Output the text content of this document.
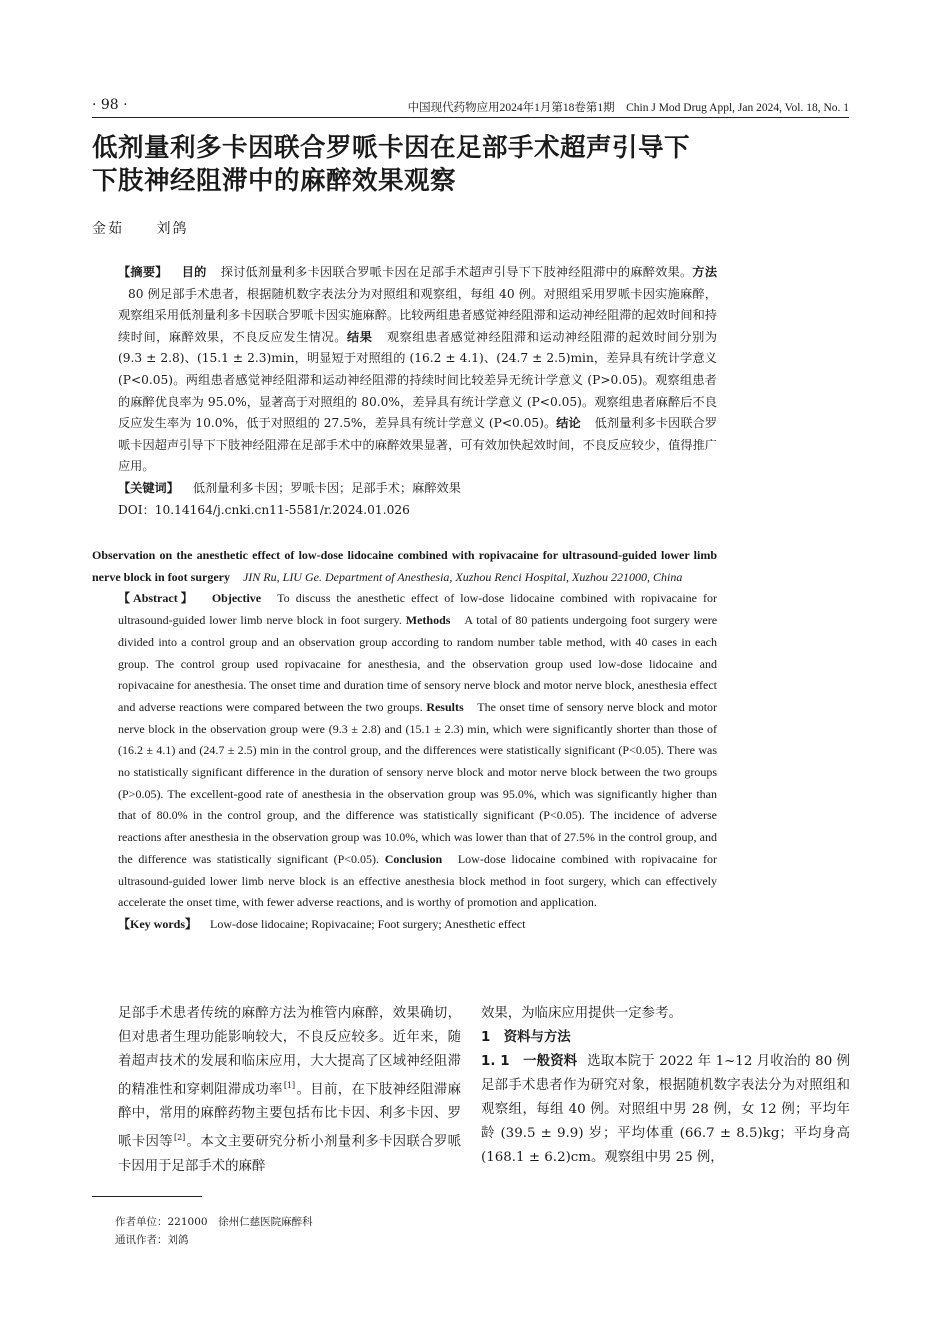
· 98 ·	中国现代药物应用2024年1月第18卷第1期　Chin J Mod Drug Appl, Jan 2024, Vol. 18, No. 1
低剂量利多卡因联合罗哌卡因在足部手术超声引导下
下肢神经阻滞中的麻醉效果观察
金茹 刘鸽

【摘要】 目的 探讨低剂量利多卡因联合罗哌卡因在足部手术超声引导下下肢神经阻滞中的麻醉效果。方法 80 例足部手术患者，根据随机数字表法分为对照组和观察组，每组 40 例。对照组采用罗哌卡因实施麻醉，观察组采用低剂量利多卡因联合罗哌卡因实施麻醉。比较两组患者感觉神经阻滞和运动神经阻滞的起效时间和持续时间，麻醉效果，不良反应发生情况。结果 观察组患者感觉神经阻滞和运动神经阻滞的起效时间分别为 (9.3 ± 2.8)、(15.1 ± 2.3)min，明显短于对照组的 (16.2 ± 4.1)、(24.7 ± 2.5)min，差异具有统计学意义 (P<0.05)。两组患者感觉神经阻滞和运动神经阻滞的持续时间比较差异无统计学意义 (P>0.05)。观察组患者的麻醉优良率为 95.0%，显著高于对照组的 80.0%，差异具有统计学意义 (P<0.05)。观察组患者麻醉后不良反应发生率为 10.0%，低于对照组的 27.5%，差异具有统计学意义 (P<0.05)。结论 低剂量利多卡因联合罗哌卡因超声引导下下肢神经阻滞在足部手术中的麻醉效果显著，可有效加快起效时间，不良反应较少，值得推广应用。

【关键词】 低剂量利多卡因；罗哌卡因；足部手术；麻醉效果

DOI：10.14164/j.cnki.cn11-5581/r.2024.01.026

Observation on the anesthetic effect of low-dose lidocaine combined with ropivacaine for ultrasound-guided lower limb nerve block in foot surgery JIN Ru, LIU Ge. Department of Anesthesia, Xuzhou Renci Hospital, Xuzhou 221000, China

【Abstract】 Objective To discuss the anesthetic effect of low-dose lidocaine combined with ropivacaine for ultrasound-guided lower limb nerve block in foot surgery. Methods A total of 80 patients undergoing foot surgery were divided into a control group and an observation group according to random number table method, with 40 cases in each group. The control group used ropivacaine for anesthesia, and the observation group used low-dose lidocaine and ropivacaine for anesthesia. The onset time and duration time of sensory nerve block and motor nerve block, anesthesia effect and adverse reactions were compared between the two groups. Results The onset time of sensory nerve block and motor nerve block in the observation group were (9.3 ± 2.8) and (15.1 ± 2.3) min, which were significantly shorter than those of (16.2 ± 4.1) and (24.7 ± 2.5) min in the control group, and the differences were statistically significant (P<0.05). There was no statistically significant difference in the duration of sensory nerve block and motor nerve block between the two groups (P>0.05). The excellent-good rate of anesthesia in the observation group was 95.0%, which was significantly higher than that of 80.0% in the control group, and the difference was statistically significant (P<0.05). The incidence of adverse reactions after anesthesia in the observation group was 10.0%, which was lower than that of 27.5% in the control group, and the difference was statistically significant (P<0.05). Conclusion Low-dose lidocaine combined with ropivacaine for ultrasound-guided lower limb nerve block is an effective anesthesia block method in foot surgery, which can effectively accelerate the onset time, with fewer adverse reactions, and is worthy of promotion and application.

【Key words】 Low-dose lidocaine; Ropivacaine; Foot surgery; Anesthetic effect

足部手术患者传统的麻醉方法为椎管内麻醉，效果确切，但对患者生理功能影响较大，不良反应较多。近年来，随着超声技术的发展和临床应用，大大提高了区域神经阻滞的精准性和穿刺阻滞成功率[1]。目前，在下肢神经阻滞麻醉中，常用的麻醉药物主要包括布比卡因、利多卡因、罗哌卡因等[2]。本文主要研究分析小剂量利多卡因联合罗哌卡因用于足部手术的麻醉

效果，为临床应用提供一定参考。

1　资料与方法

1. 1　一般资料 选取本院于 2022 年 1~12 月收治的 80 例足部手术患者作为研究对象，根据随机数字表法分为对照组和观察组，每组 40 例。对照组中男 28 例，女 12 例；平均年龄 (39.5 ± 9.9) 岁；平均体重 (66.7 ± 8.5)kg；平均身高 (168.1 ± 6.2)cm。观察组中男 25 例，

作者单位：221000　徐州仁慈医院麻醉科
通讯作者：刘鸽
